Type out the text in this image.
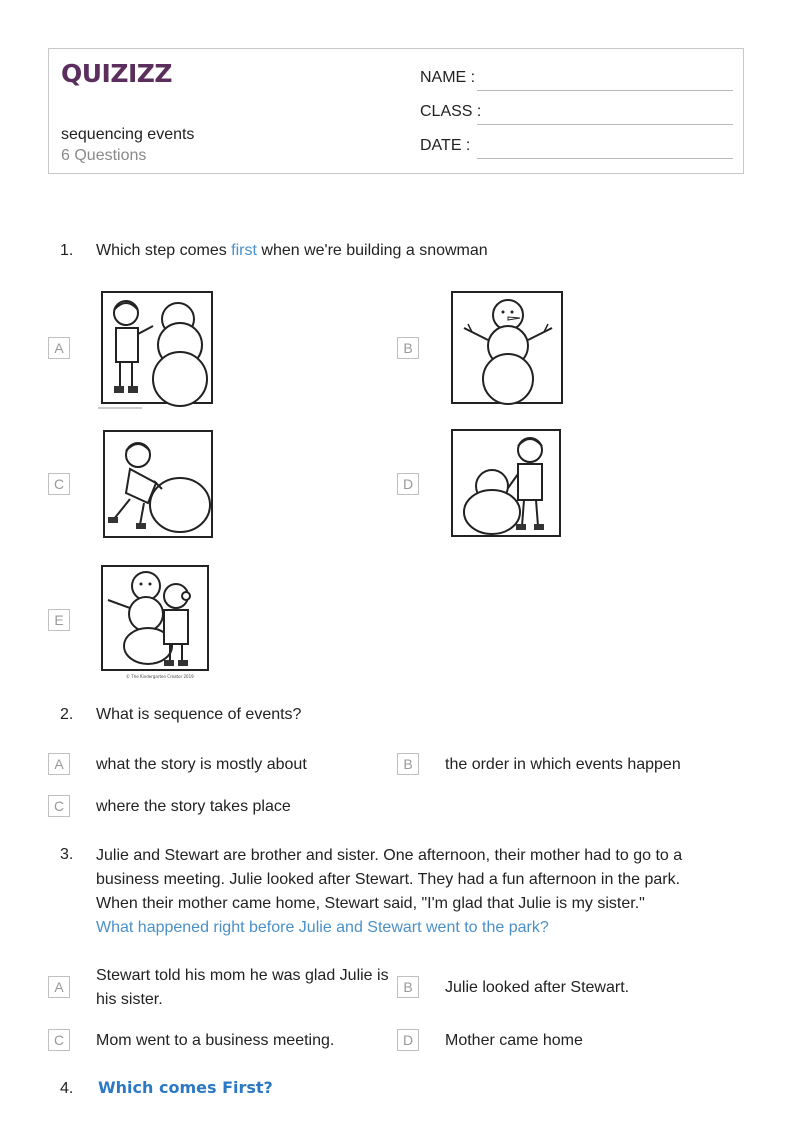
QUIZIZZ
sequencing events
6 Questions
NAME :
CLASS :
DATE :
1. Which step comes first when we're building a snowman
A	B
C	D
E
© The Kindergarten Creator 2019
2. What is sequence of events?
A	what the story is mostly about	B	the order in which events happen
C	where the story takes place
3. Julie and Stewart are brother and sister. One afternoon, their mother had to go to a
business meeting. Julie looked after Stewart. They had a fun afternoon in the park.
When their mother came home, Stewart said, "I'm glad that Julie is my sister."
What happened right before Julie and Stewart went to the park?
A
Stewart told his mom he was glad Julie is
his sister.
B	Julie looked after Stewart.
C	Mom went to a business meeting.	D	Mother came home
4. Which comes First?
